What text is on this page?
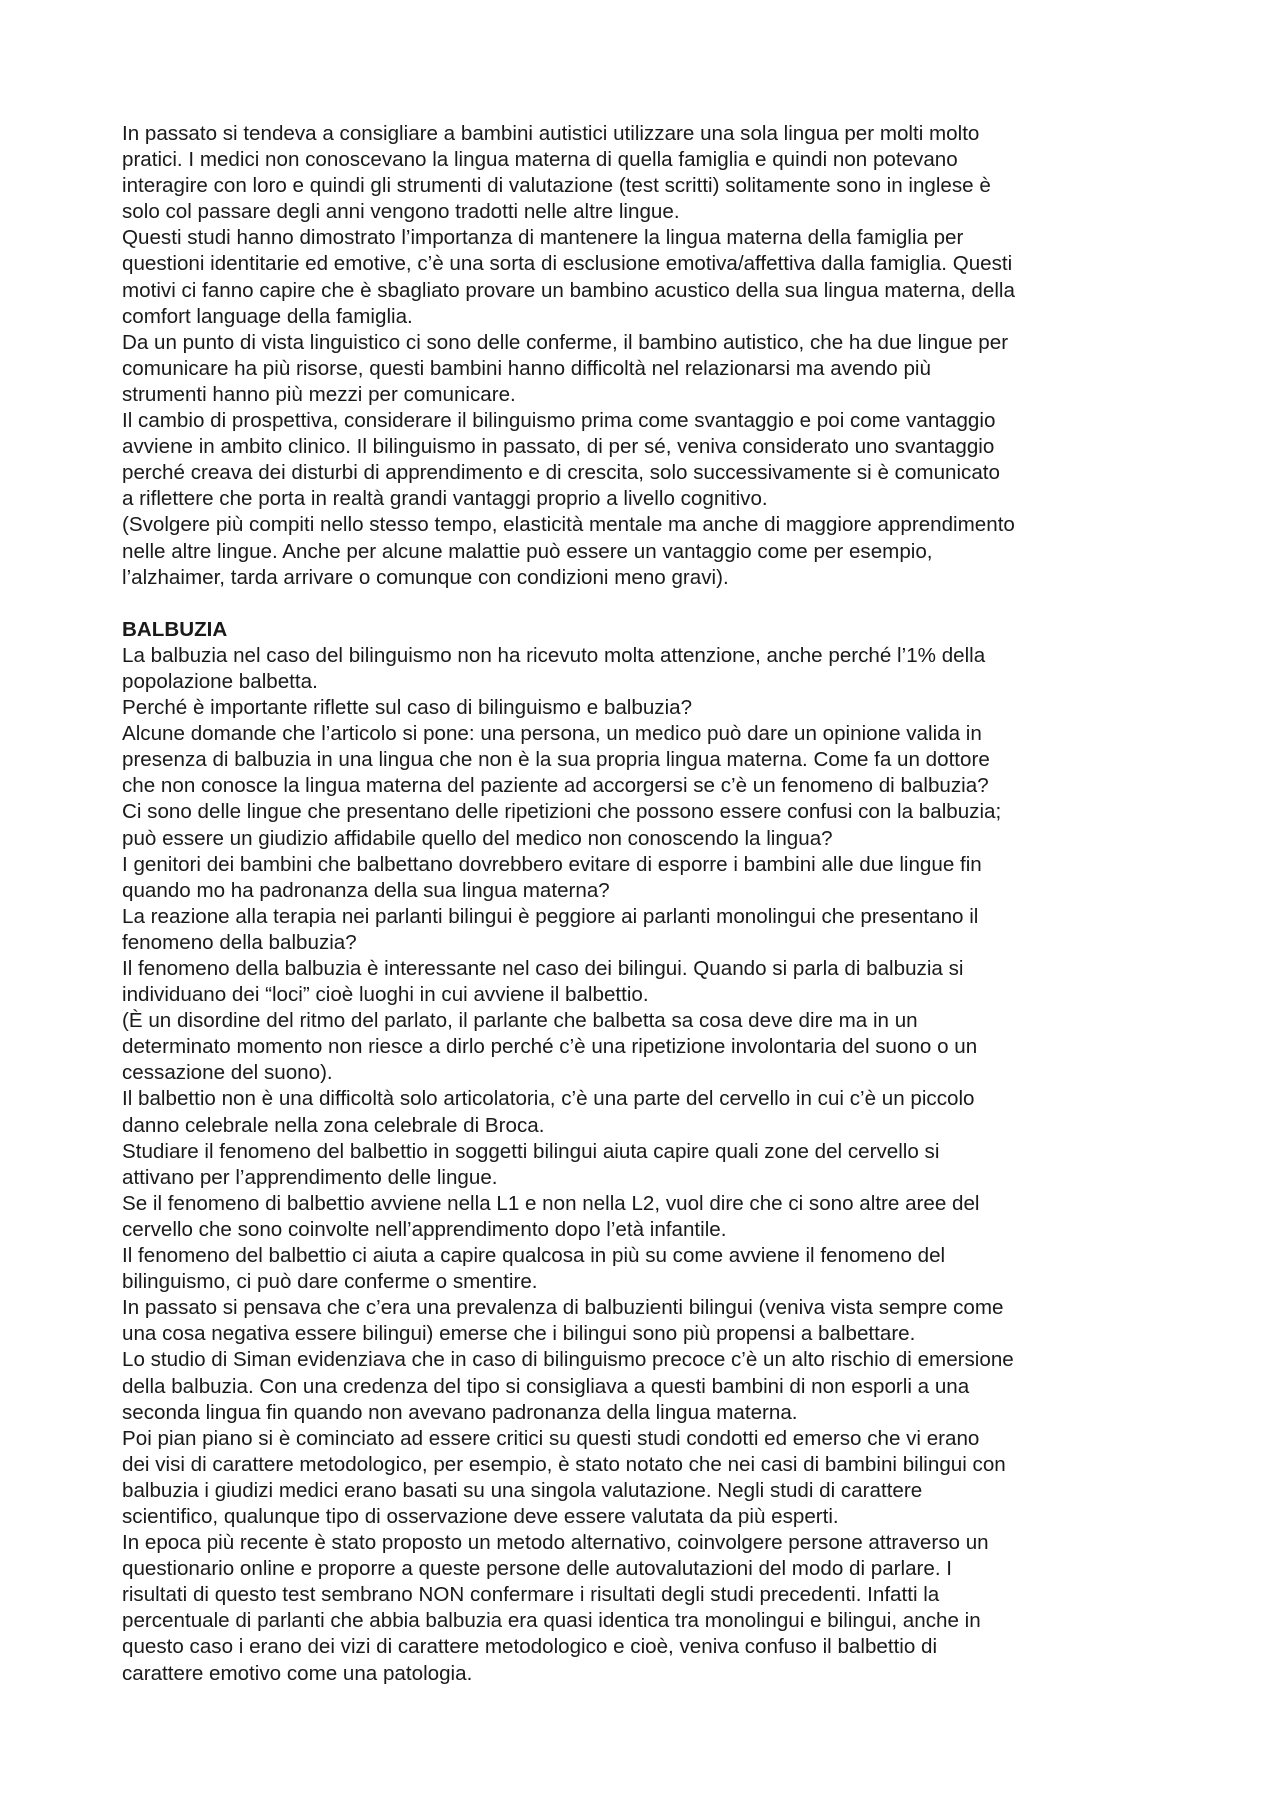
In passato si tendeva a consigliare a bambini autistici utilizzare una sola lingua per molti molto
pratici. I medici non conoscevano la lingua materna di quella famiglia e quindi non potevano
interagire con loro e quindi gli strumenti di valutazione (test scritti) solitamente sono in inglese è
solo col passare degli anni vengono tradotti nelle altre lingue.
Questi studi hanno dimostrato l’importanza di mantenere la lingua materna della famiglia per
questioni identitarie ed emotive, c’è una sorta di esclusione emotiva/affettiva dalla famiglia. Questi
motivi ci fanno capire che è sbagliato provare un bambino acustico della sua lingua materna, della
comfort language della famiglia.
Da un punto di vista linguistico ci sono delle conferme, il bambino autistico, che ha due lingue per
comunicare ha più risorse, questi bambini hanno difficoltà nel relazionarsi ma avendo più
strumenti hanno più mezzi per comunicare.
Il cambio di prospettiva, considerare il bilinguismo prima come svantaggio e poi come vantaggio
avviene in ambito clinico. Il bilinguismo in passato, di per sé, veniva considerato uno svantaggio
perché creava dei disturbi di apprendimento e di crescita, solo successivamente si è comunicato
a riflettere che porta in realtà grandi vantaggi proprio a livello cognitivo.
(Svolgere più compiti nello stesso tempo, elasticità mentale ma anche di maggiore apprendimento
nelle altre lingue. Anche per alcune malattie può essere un vantaggio come per esempio,
l’alzhaimer, tarda arrivare o comunque con condizioni meno gravi).
BALBUZIA
La balbuzia nel caso del bilinguismo non ha ricevuto molta attenzione, anche perché l’1% della
popolazione balbetta.
Perché è importante riflette sul caso di bilinguismo e balbuzia?
Alcune domande che l’articolo si pone: una persona, un medico può dare un opinione valida in
presenza di balbuzia in una lingua che non è la sua propria lingua materna. Come fa un dottore
che non conosce la lingua materna del paziente ad accorgersi se c’è un fenomeno di balbuzia?
Ci sono delle lingue che presentano delle ripetizioni che possono essere confusi con la balbuzia;
può essere un giudizio affidabile quello del medico non conoscendo la lingua?
I genitori dei bambini che balbettano dovrebbero evitare di esporre i bambini alle due lingue fin
quando mo ha padronanza della sua lingua materna?
La reazione alla terapia nei parlanti bilingui è peggiore ai parlanti monolingui che presentano il
fenomeno della balbuzia?
Il fenomeno della balbuzia è interessante nel caso dei bilingui. Quando si parla di balbuzia si
individuano dei “loci” cioè luoghi in cui avviene il balbettio.
(È un disordine del ritmo del parlato, il parlante che balbetta sa cosa deve dire ma in un
determinato momento non riesce a dirlo perché c’è una ripetizione involontaria del suono o un
cessazione del suono).
Il balbettio non è una difficoltà solo articolatoria, c’è una parte del cervello in cui c’è un piccolo
danno celebrale nella zona celebrale di Broca.
Studiare il fenomeno del balbettio in soggetti bilingui aiuta capire quali zone del cervello si
attivano per l’apprendimento delle lingue.
Se il fenomeno di balbettio avviene nella L1 e non nella L2, vuol dire che ci sono altre aree del
cervello che sono coinvolte nell’apprendimento dopo l’età infantile.
Il fenomeno del balbettio ci aiuta a capire qualcosa in più su come avviene il fenomeno del
bilinguismo, ci può dare conferme o smentire.
In passato si pensava che c’era una prevalenza di balbuzienti bilingui (veniva vista sempre come
una cosa negativa essere bilingui) emerse che i bilingui sono più propensi a balbettare.
Lo studio di Siman evidenziava che in caso di bilinguismo precoce c’è un alto rischio di emersione
della balbuzia. Con una credenza del tipo si consigliava a questi bambini di non esporli a una
seconda lingua fin quando non avevano padronanza della lingua materna.
Poi pian piano si è cominciato ad essere critici su questi studi condotti ed emerso che vi erano
dei visi di carattere metodologico, per esempio, è stato notato che nei casi di bambini bilingui con
balbuzia i giudizi medici erano basati su una singola valutazione. Negli studi di carattere
scientifico, qualunque tipo di osservazione deve essere valutata da più esperti.
In epoca più recente è stato proposto un metodo alternativo, coinvolgere persone attraverso un
questionario online e proporre a queste persone delle autovalutazioni del modo di parlare. I
risultati di questo test sembrano NON confermare i risultati degli studi precedenti. Infatti la
percentuale di parlanti che abbia balbuzia era quasi identica tra monolingui e bilingui, anche in
questo caso i erano dei vizi di carattere metodologico e cioè, veniva confuso il balbettio di
carattere emotivo come una patologia.
